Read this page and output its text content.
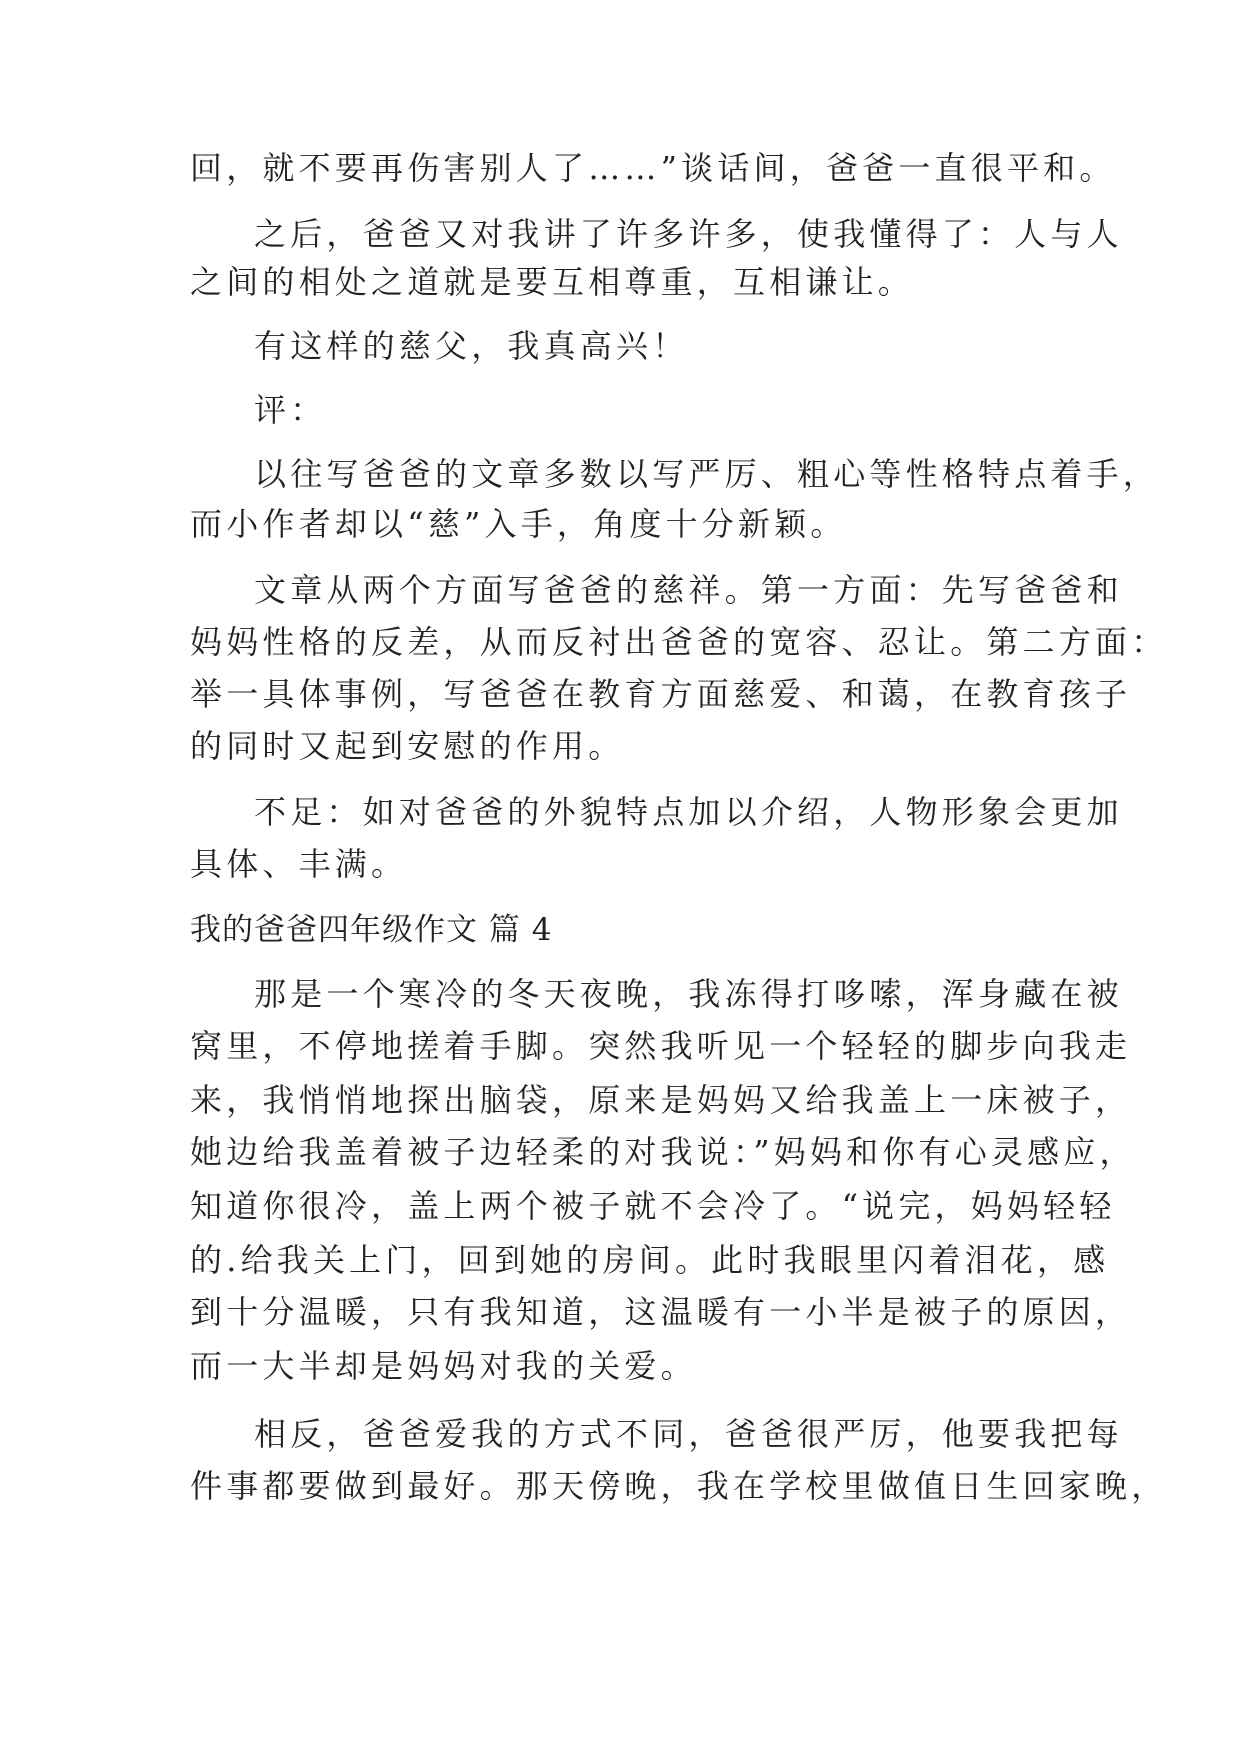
回，就不要再伤害别人了……”谈话间，爸爸一直很平和。

之后，爸爸又对我讲了许多许多，使我懂得了：人与人

之间的相处之道就是要互相尊重，互相谦让。

有这样的慈父，我真高兴！

评：

以往写爸爸的文章多数以写严厉、粗心等性格特点着手，

而小作者却以“慈”入手，角度十分新颖。

文章从两个方面写爸爸的慈祥。第一方面：先写爸爸和

妈妈性格的反差，从而反衬出爸爸的宽容、忍让。第二方面：

举一具体事例，写爸爸在教育方面慈爱、和蔼，在教育孩子

的同时又起到安慰的作用。

不足：如对爸爸的外貌特点加以介绍，人物形象会更加

具体、丰满。

我的爸爸四年级作文 篇 4

那是一个寒冷的冬天夜晚，我冻得打哆嗦，浑身藏在被

窝里，不停地搓着手脚。突然我听见一个轻轻的脚步向我走

来，我悄悄地探出脑袋，原来是妈妈又给我盖上一床被子，

她边给我盖着被子边轻柔的对我说：”妈妈和你有心灵感应，

知道你很冷，盖上两个被子就不会冷了。“说完，妈妈轻轻

的.给我关上门，回到她的房间。此时我眼里闪着泪花，感

到十分温暖，只有我知道，这温暖有一小半是被子的原因，

而一大半却是妈妈对我的关爱。

相反，爸爸爱我的方式不同，爸爸很严厉，他要我把每

件事都要做到最好。那天傍晚，我在学校里做值日生回家晚，
